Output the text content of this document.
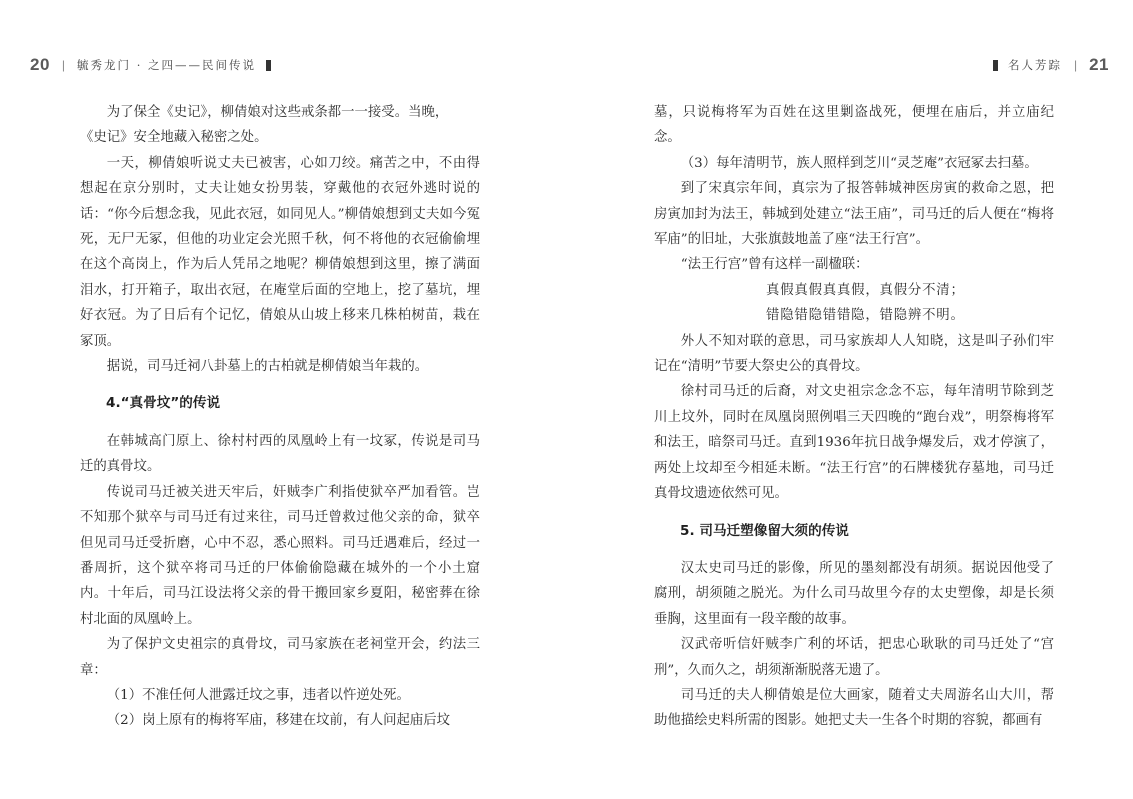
20 | 毓秀龙门 · 之四——民间传说

为了保全《史记》，柳倩娘对这些戒条都一一接受。当晚，

《史记》安全地藏入秘密之处。

一天，柳倩娘听说丈夫已被害，心如刀绞。痛苦之中，不由得想起在京分别时，丈夫让她女扮男装，穿戴他的衣冠外逃时说的话：“你今后想念我，见此衣冠，如同见人。”柳倩娘想到丈夫如今冤死，无尸无冢，但他的功业定会光照千秋，何不将他的衣冠偷偷埋在这个高岗上，作为后人凭吊之地呢？柳倩娘想到这里，擦了满面泪水，打开箱子，取出衣冠，在庵堂后面的空地上，挖了墓坑，埋好衣冠。为了日后有个记忆，倩娘从山坡上移来几株柏树苗，栽在冢顶。

据说，司马迁祠八卦墓上的古柏就是柳倩娘当年栽的。

4.“真骨坟”的传说

在韩城高门原上、徐村村西的凤凰岭上有一坟冢，传说是司马迁的真骨坟。

传说司马迁被关进天牢后，奸贼李广利指使狱卒严加看管。岂不知那个狱卒与司马迁有过来往，司马迁曾救过他父亲的命，狱卒但见司马迁受折磨，心中不忍，悉心照料。司马迁遇难后，经过一番周折，这个狱卒将司马迁的尸体偷偷隐藏在城外的一个小土窟内。十年后，司马江设法将父亲的骨干搬回家乡夏阳，秘密葬在徐村北面的凤凰岭上。

为了保护文史祖宗的真骨坟，司马家族在老祠堂开会，约法三章：

（1）不准任何人泄露迁坟之事，违者以忤逆处死。

（2）岗上原有的梅将军庙，移建在坟前，有人问起庙后坟

名人芳踪 | 21

墓，只说梅将军为百姓在这里剿盗战死，便埋在庙后，并立庙纪念。

（3）每年清明节，族人照样到芝川“灵芝庵”衣冠冢去扫墓。

到了宋真宗年间，真宗为了报答韩城神医房寅的救命之恩，把房寅加封为法王，韩城到处建立“法王庙”，司马迁的后人便在“梅将军庙”的旧址，大张旗鼓地盖了座“法王行宫”。

“法王行宫”曾有这样一副楹联：

真假真假真真假，真假分不清；

错隐错隐错错隐，错隐辨不明。

外人不知对联的意思，司马家族却人人知晓，这是叫子孙们牢记在“清明”节要大祭史公的真骨坟。

徐村司马迁的后裔，对文史祖宗念念不忘，每年清明节除到芝川上坟外，同时在凤凰岗照例唱三天四晚的“跑台戏”，明祭梅将军和法王，暗祭司马迁。直到1936年抗日战争爆发后，戏才停演了，两处上坟却至今相延未断。“法王行宫”的石牌楼犹存墓地，司马迁真骨坟遗迹依然可见。

5. 司马迁塑像留大须的传说

汉太史司马迁的影像，所见的墨刻都没有胡须。据说因他受了腐刑，胡须随之脱光。为什么司马故里今存的太史塑像，却是长须垂胸，这里面有一段辛酸的故事。

汉武帝听信奸贼李广利的坏话，把忠心耿耿的司马迁处了“宫刑”，久而久之，胡须渐渐脱落无遗了。

司马迁的夫人柳倩娘是位大画家，随着丈夫周游名山大川，帮助他描绘史料所需的图影。她把丈夫一生各个时期的容貌，都画有
